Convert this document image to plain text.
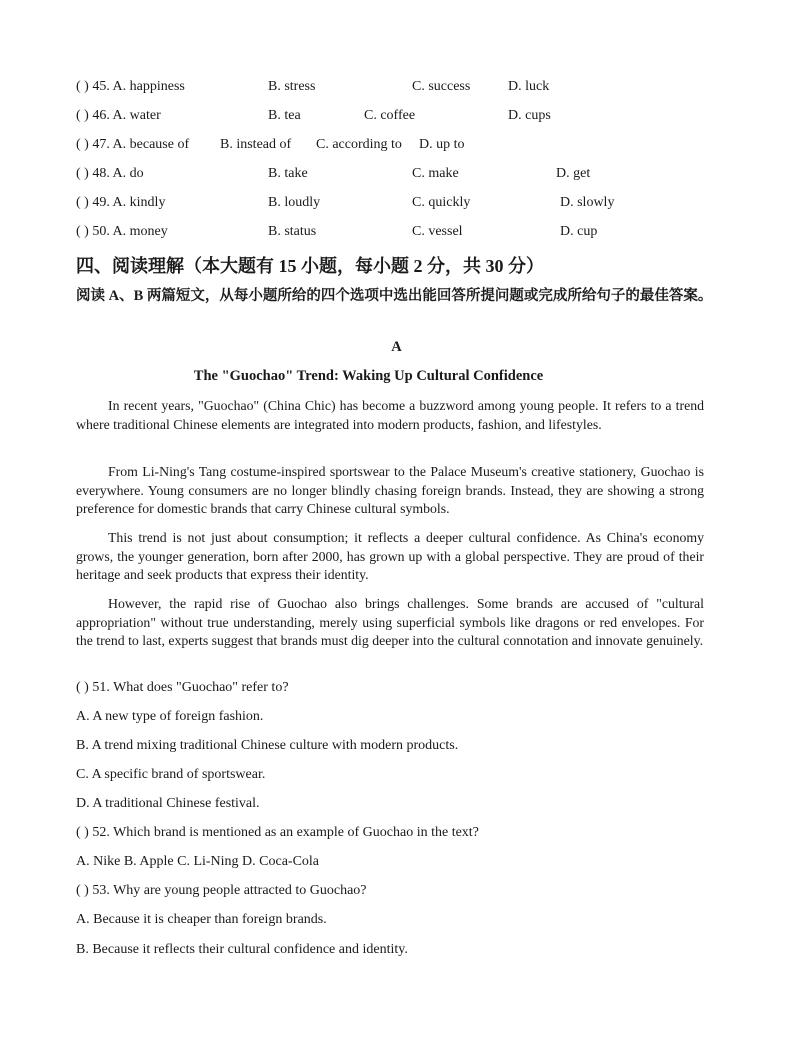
( ) 45. A. happiness	B. stress	C. success	D. luck
( ) 46. A. water	B. tea	C. coffee	D. cups
( ) 47. A. because of B. instead of C. according to D. up to
( ) 48. A. do	B. take	C. make	D. get
( ) 49. A. kindly	B. loudly	C. quickly	D. slowly
( ) 50. A. money	B. status	C. vessel	D. cup
四、阅读理解（本大题有 15 小题，每小题 2 分，共 30 分）
阅读 A、B 两篇短文，从每小题所给的四个选项中选出能回答所提问题或完成所给句子的最佳答案。
A
The "Guochao" Trend: Waking Up Cultural Confidence
In recent years, "Guochao" (China Chic) has become a buzzword among young people. It refers to a trend where traditional Chinese elements are integrated into modern products, fashion, and lifestyles.
From Li-Ning's Tang costume-inspired sportswear to the Palace Museum's creative stationery, Guochao is everywhere. Young consumers are no longer blindly chasing foreign brands. Instead, they are showing a strong preference for domestic brands that carry Chinese cultural symbols.
This trend is not just about consumption; it reflects a deeper cultural confidence. As China's economy grows, the younger generation, born after 2000, has grown up with a global perspective. They are proud of their heritage and seek products that express their identity.
However, the rapid rise of Guochao also brings challenges. Some brands are accused of "cultural appropriation" without true understanding, merely using superficial symbols like dragons or red envelopes. For the trend to last, experts suggest that brands must dig deeper into the cultural connotation and innovate genuinely.
( ) 51. What does "Guochao" refer to?
A. A new type of foreign fashion.
B. A trend mixing traditional Chinese culture with modern products.
C. A specific brand of sportswear.
D. A traditional Chinese festival.
( ) 52. Which brand is mentioned as an example of Guochao in the text?
A. Nike B. Apple C. Li-Ning D. Coca-Cola
( ) 53. Why are young people attracted to Guochao?
A. Because it is cheaper than foreign brands.
B. Because it reflects their cultural confidence and identity.
